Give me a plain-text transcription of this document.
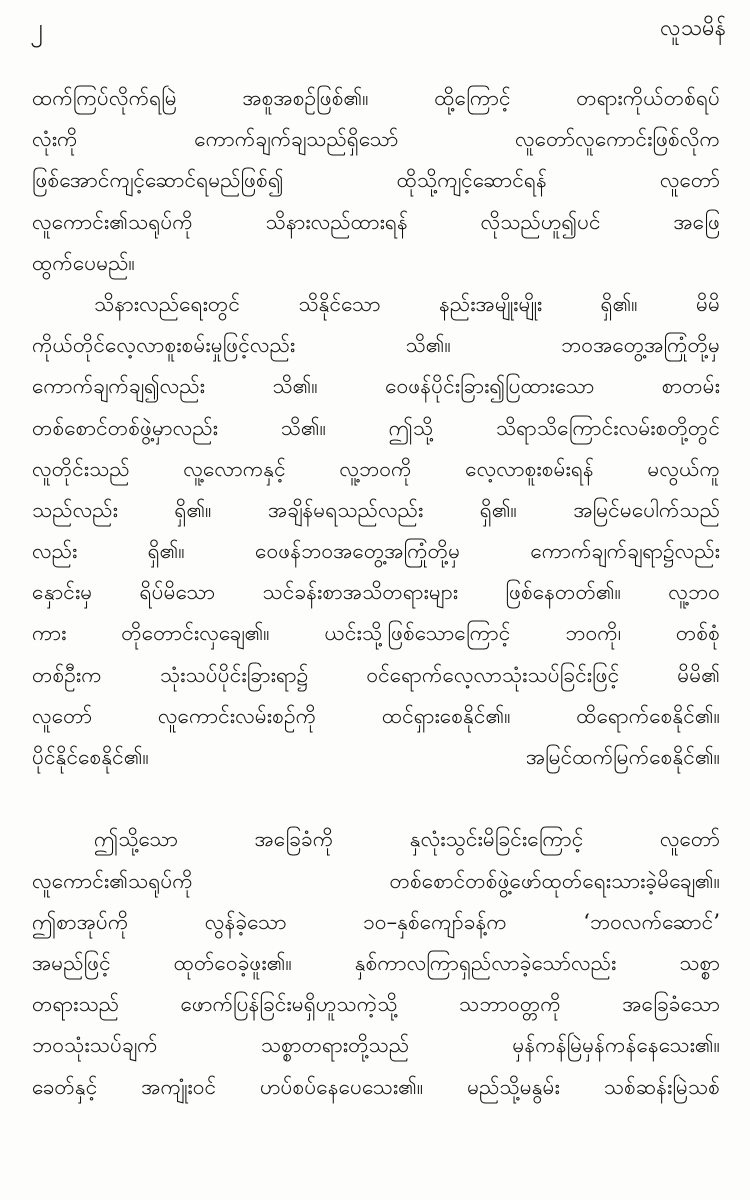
၂	လူသမိန်
ထက်ကြပ်လိုက်ရမြဲ အစူအစဉ်ဖြစ်၏။ ထို့ကြောင့် တရားကိုယ်တစ်ရပ်
လုံးကို ကောက်ချက်ချသည်ရှိသော် လူတော်လူကောင်းဖြစ်လိုက
ဖြစ်အောင်ကျင့်ဆောင်ရမည်ဖြစ်၍ ထိုသို့ကျင့်ဆောင်ရန် လူတော်
လူကောင်း၏သရုပ်ကို သိနားလည်ထားရန် လိုသည်ဟူ၍ပင် အဖြေ
ထွက်ပေမည်။
သိနားလည်ရေးတွင် သိနိုင်သော နည်းအမျိုးမျိုး ရှိ၏။ မိမိ
ကိုယ်တိုင်လေ့လာစူးစမ်းမှုဖြင့်လည်း သိ၏။ ဘ၀အတွေ့အကြုံတို့မှ
ကောက်ချက်ချ၍လည်း သိ၏။ ဝေဖန်ပိုင်းခြား၍ပြထားသော စာတမ်း
တစ်စောင်တစ်ဖွဲ့မှာလည်း သိ၏။ ဤသို့ သိရာသိကြောင်းလမ်းစတို့တွင်
လူတိုင်းသည် လူ့လောကနှင့် လူ့ဘ၀ကို လေ့လာစူးစမ်းရန် မလွယ်ကူ
သည်လည်း ရှိ၏။ အချိန်မရသည်လည်း ရှိ၏။ အမြင်မပေါက်သည်
လည်း ရှိ၏။ ဝေဖန်ဘ၀အတွေ့အကြုံတို့မှ ကောက်ချက်ချရာ၌လည်း
နှောင်းမှ ရိပ်မိသော သင်ခန်းစာအသိတရားများ ဖြစ်နေတတ်၏။ လူ့ဘ၀
ကား တိုတောင်းလှချေ၏။ ယင်းသို့ဖြစ်သောကြောင့် ဘ၀ကို၊ တစ်စုံ
တစ်ဦးက သုံးသပ်ပိုင်းခြားရာ၌ ဝင်ရောက်လေ့လာသုံးသပ်ခြင်းဖြင့် မိမိ၏
လူတော် လူကောင်းလမ်းစဉ်ကို ထင်ရှားစေနိုင်၏။ ထိရောက်စေနိုင်၏။
ပိုင်နိုင်စေနိုင်၏။ အမြင်ထက်မြက်စေနိုင်၏။
ဤသို့သော အခြေခံကို နှလုံးသွင်းမိခြင်းကြောင့် လူတော်
လူကောင်း၏သရုပ်ကို တစ်စောင်တစ်ဖွဲ့ဖော်ထုတ်ရေးသားခဲ့မိချေ၏။
ဤစာအုပ်ကို လွန်ခဲ့သော ၁၀–နှစ်ကျော်ခန့်က ‘ဘ၀လက်ဆောင်’
အမည်ဖြင့် ထုတ်ဝေခဲ့ဖူး၏။ နှစ်ကာလကြာရှည်လာခဲ့သော်လည်း သစ္စာ
တရားသည် ဖောက်ပြန်ခြင်းမရှိဟူသကဲ့သို့ သဘာဝတ္တကို အခြေခံသော
ဘ၀သုံးသပ်ချက် သစ္စာတရားတို့သည် မှန်ကန်မြဲမှန်ကန်နေသေး၏။
ခေတ်နှင့် အကျုံးဝင် ဟပ်စပ်နေပေသေး၏။ မည်သို့မနွမ်း သစ်ဆန်းမြဲသစ်
